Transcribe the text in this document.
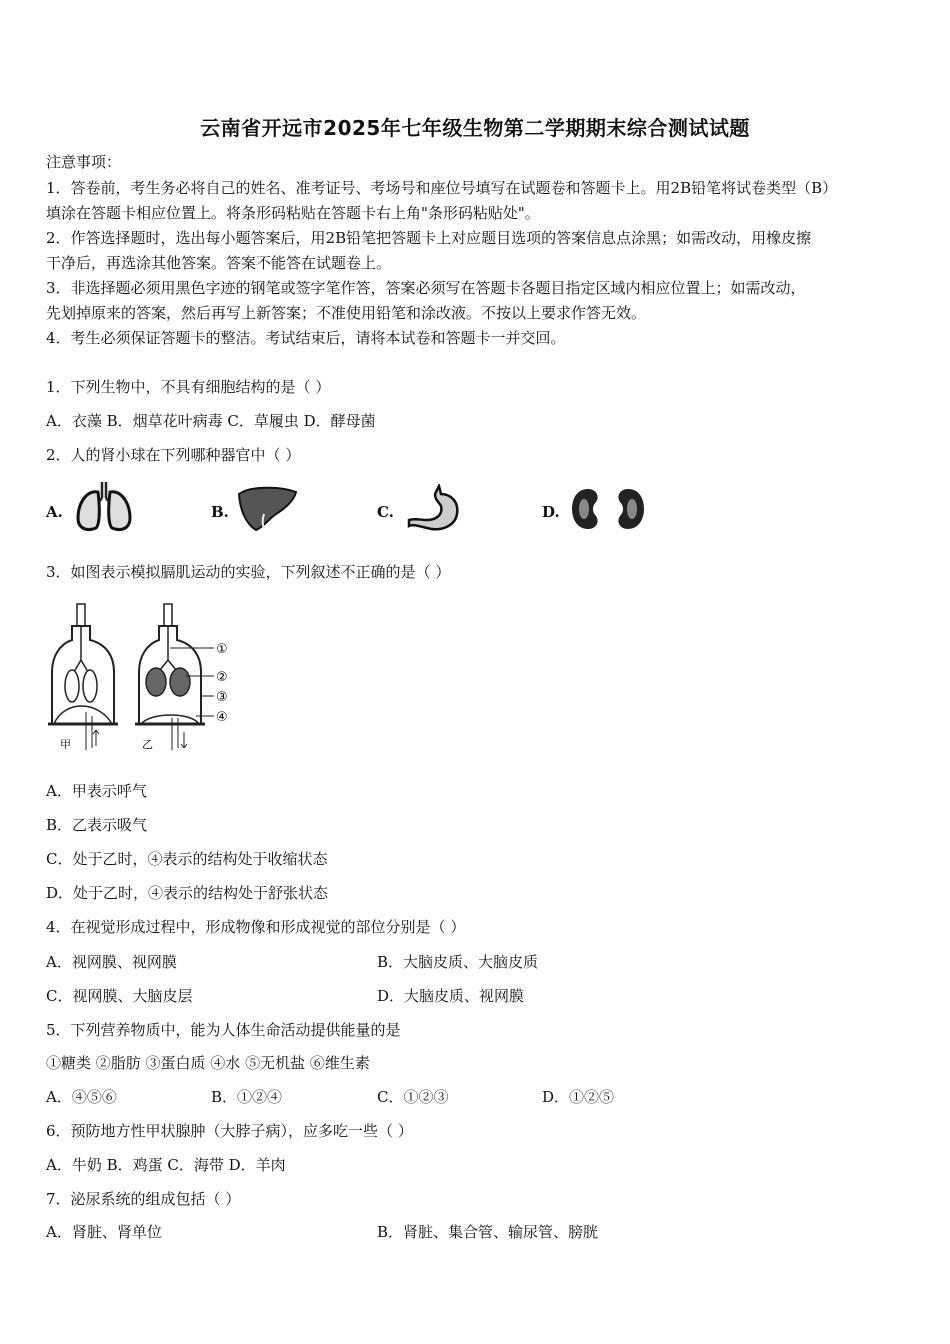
云南省开远市2025年七年级生物第二学期期末综合测试试题
注意事项：
1．答卷前，考生务必将自己的姓名、准考证号、考场号和座位号填写在试题卷和答题卡上。用2B铅笔将试卷类型（B）
填涂在答题卡相应位置上。将条形码粘贴在答题卡右上角"条形码粘贴处"。
2．作答选择题时，选出每小题答案后，用2B铅笔把答题卡上对应题目选项的答案信息点涂黑；如需改动，用橡皮擦
干净后，再选涂其他答案。答案不能答在试题卷上。
3．非选择题必须用黑色字迹的钢笔或签字笔作答，答案必须写在答题卡各题目指定区域内相应位置上；如需改动，
先划掉原来的答案，然后再写上新答案；不准使用铅笔和涂改液。不按以上要求作答无效。
4．考生必须保证答题卡的整洁。考试结束后，请将本试卷和答题卡一并交回。
1．下列生物中，不具有细胞结构的是（ ）
A．衣藻 B．烟草花叶病毒 C．草履虫 D．酵母菌
2．人的肾小球在下列哪种器官中（ ）
A.	B.	C.	D.
3．如图表示模拟膈肌运动的实验，下列叙述不正确的是（ ）
甲	乙
①
②
③
④
A．甲表示呼气
B．乙表示吸气
C．处于乙时，④表示的结构处于收缩状态
D．处于乙时，④表示的结构处于舒张状态
4．在视觉形成过程中，形成物像和形成视觉的部位分别是（ ）
A．视网膜、视网膜	B．大脑皮质、大脑皮质
C．视网膜、大脑皮层	D．大脑皮质、视网膜
5．下列营养物质中，能为人体生命活动提供能量的是
①糖类 ②脂肪 ③蛋白质 ④水 ⑤无机盐 ⑥维生素
A．④⑤⑥	B．①②④	C．①②③	D．①②⑤
6．预防地方性甲状腺肿（大脖子病），应多吃一些（ ）
A．牛奶 B．鸡蛋 C．海带 D．羊肉
7．泌尿系统的组成包括（ ）
A．肾脏、肾单位	B．肾脏、集合管、输尿管、膀胱
